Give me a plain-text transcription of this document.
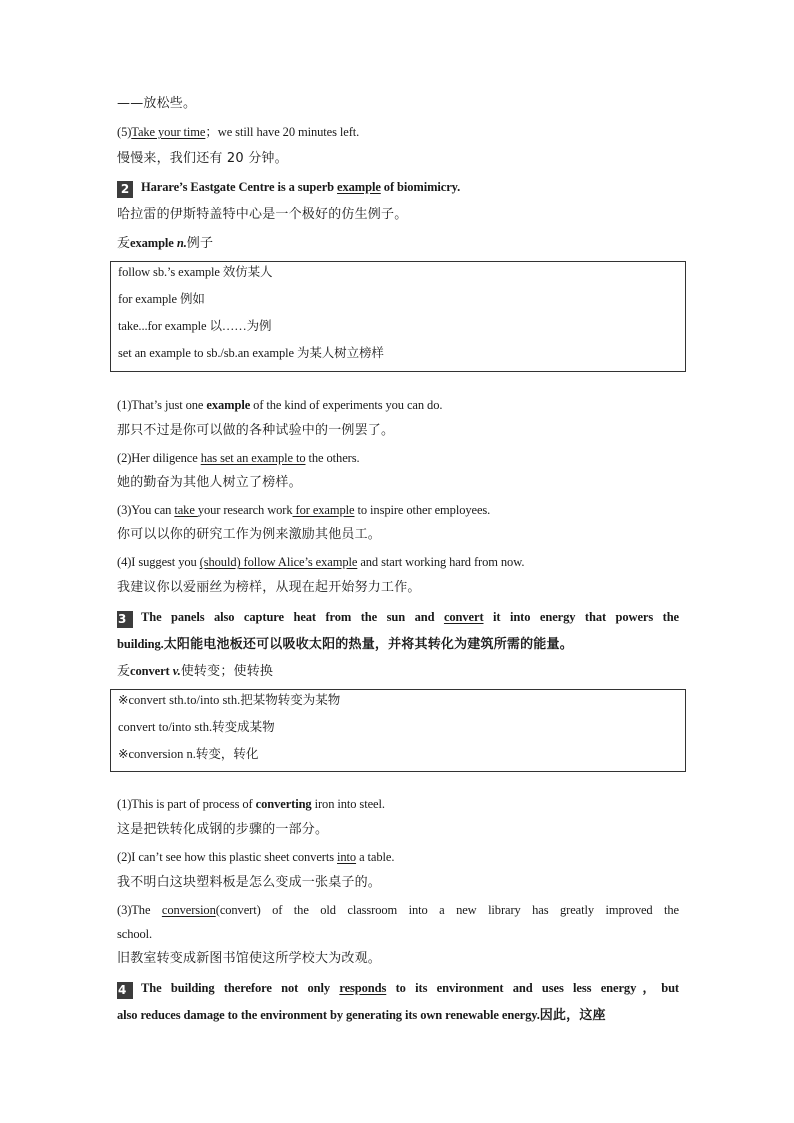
——放松些。
(5)Take your time；we still have 20 minutes left.
慢慢来，我们还有 20 分钟。
2 Harare’s Eastgate Centre is a superb example of biomimicry.
哈拉雷的伊斯特盖特中心是一个极好的仿生例子。
叐example n.例子
follow sb.’s example 效仿某人
for example 例如
take...for example 以……为例
set an example to sb./sb.an example 为某人树立榜样
(1)That’s just one example of the kind of experiments you can do.
那只不过是你可以做的各种试验中的一例罢了。
(2)Her diligence has set an example to the others.
她的勤奋为其他人树立了榜样。
(3)You can take your research work for example to inspire other employees.
你可以以你的研究工作为例来激励其他员工。
(4)I suggest you (should) follow Alice’s example and start working hard from now.
我建议你以爱丽丝为榜样，从现在起开始努力工作。
3 The panels also capture heat from the sun and convert it into energy that powers the
building.太阳能电池板还可以吸收太阳的热量，并将其转化为建筑所需的能量。
叐convert v.使转变；使转换
※convert sth.to/into sth.把某物转变为某物
convert to/into sth.转变成某物
※conversion n.转变，转化
(1)This is part of process of converting iron into steel.
这是把铁转化成钢的步骤的一部分。
(2)I can’t see how this plastic sheet converts into a table.
我不明白这块塑料板是怎么变成一张桌子的。
(3)The conversion(convert) of the old classroom into a new library has greatly improved the
school.
旧教室转变成新图书馆使这所学校大为改观。
4 The building therefore not only responds to its environment and uses less energy，but
also reduces damage to the environment by generating its own renewable energy.因此，这座
